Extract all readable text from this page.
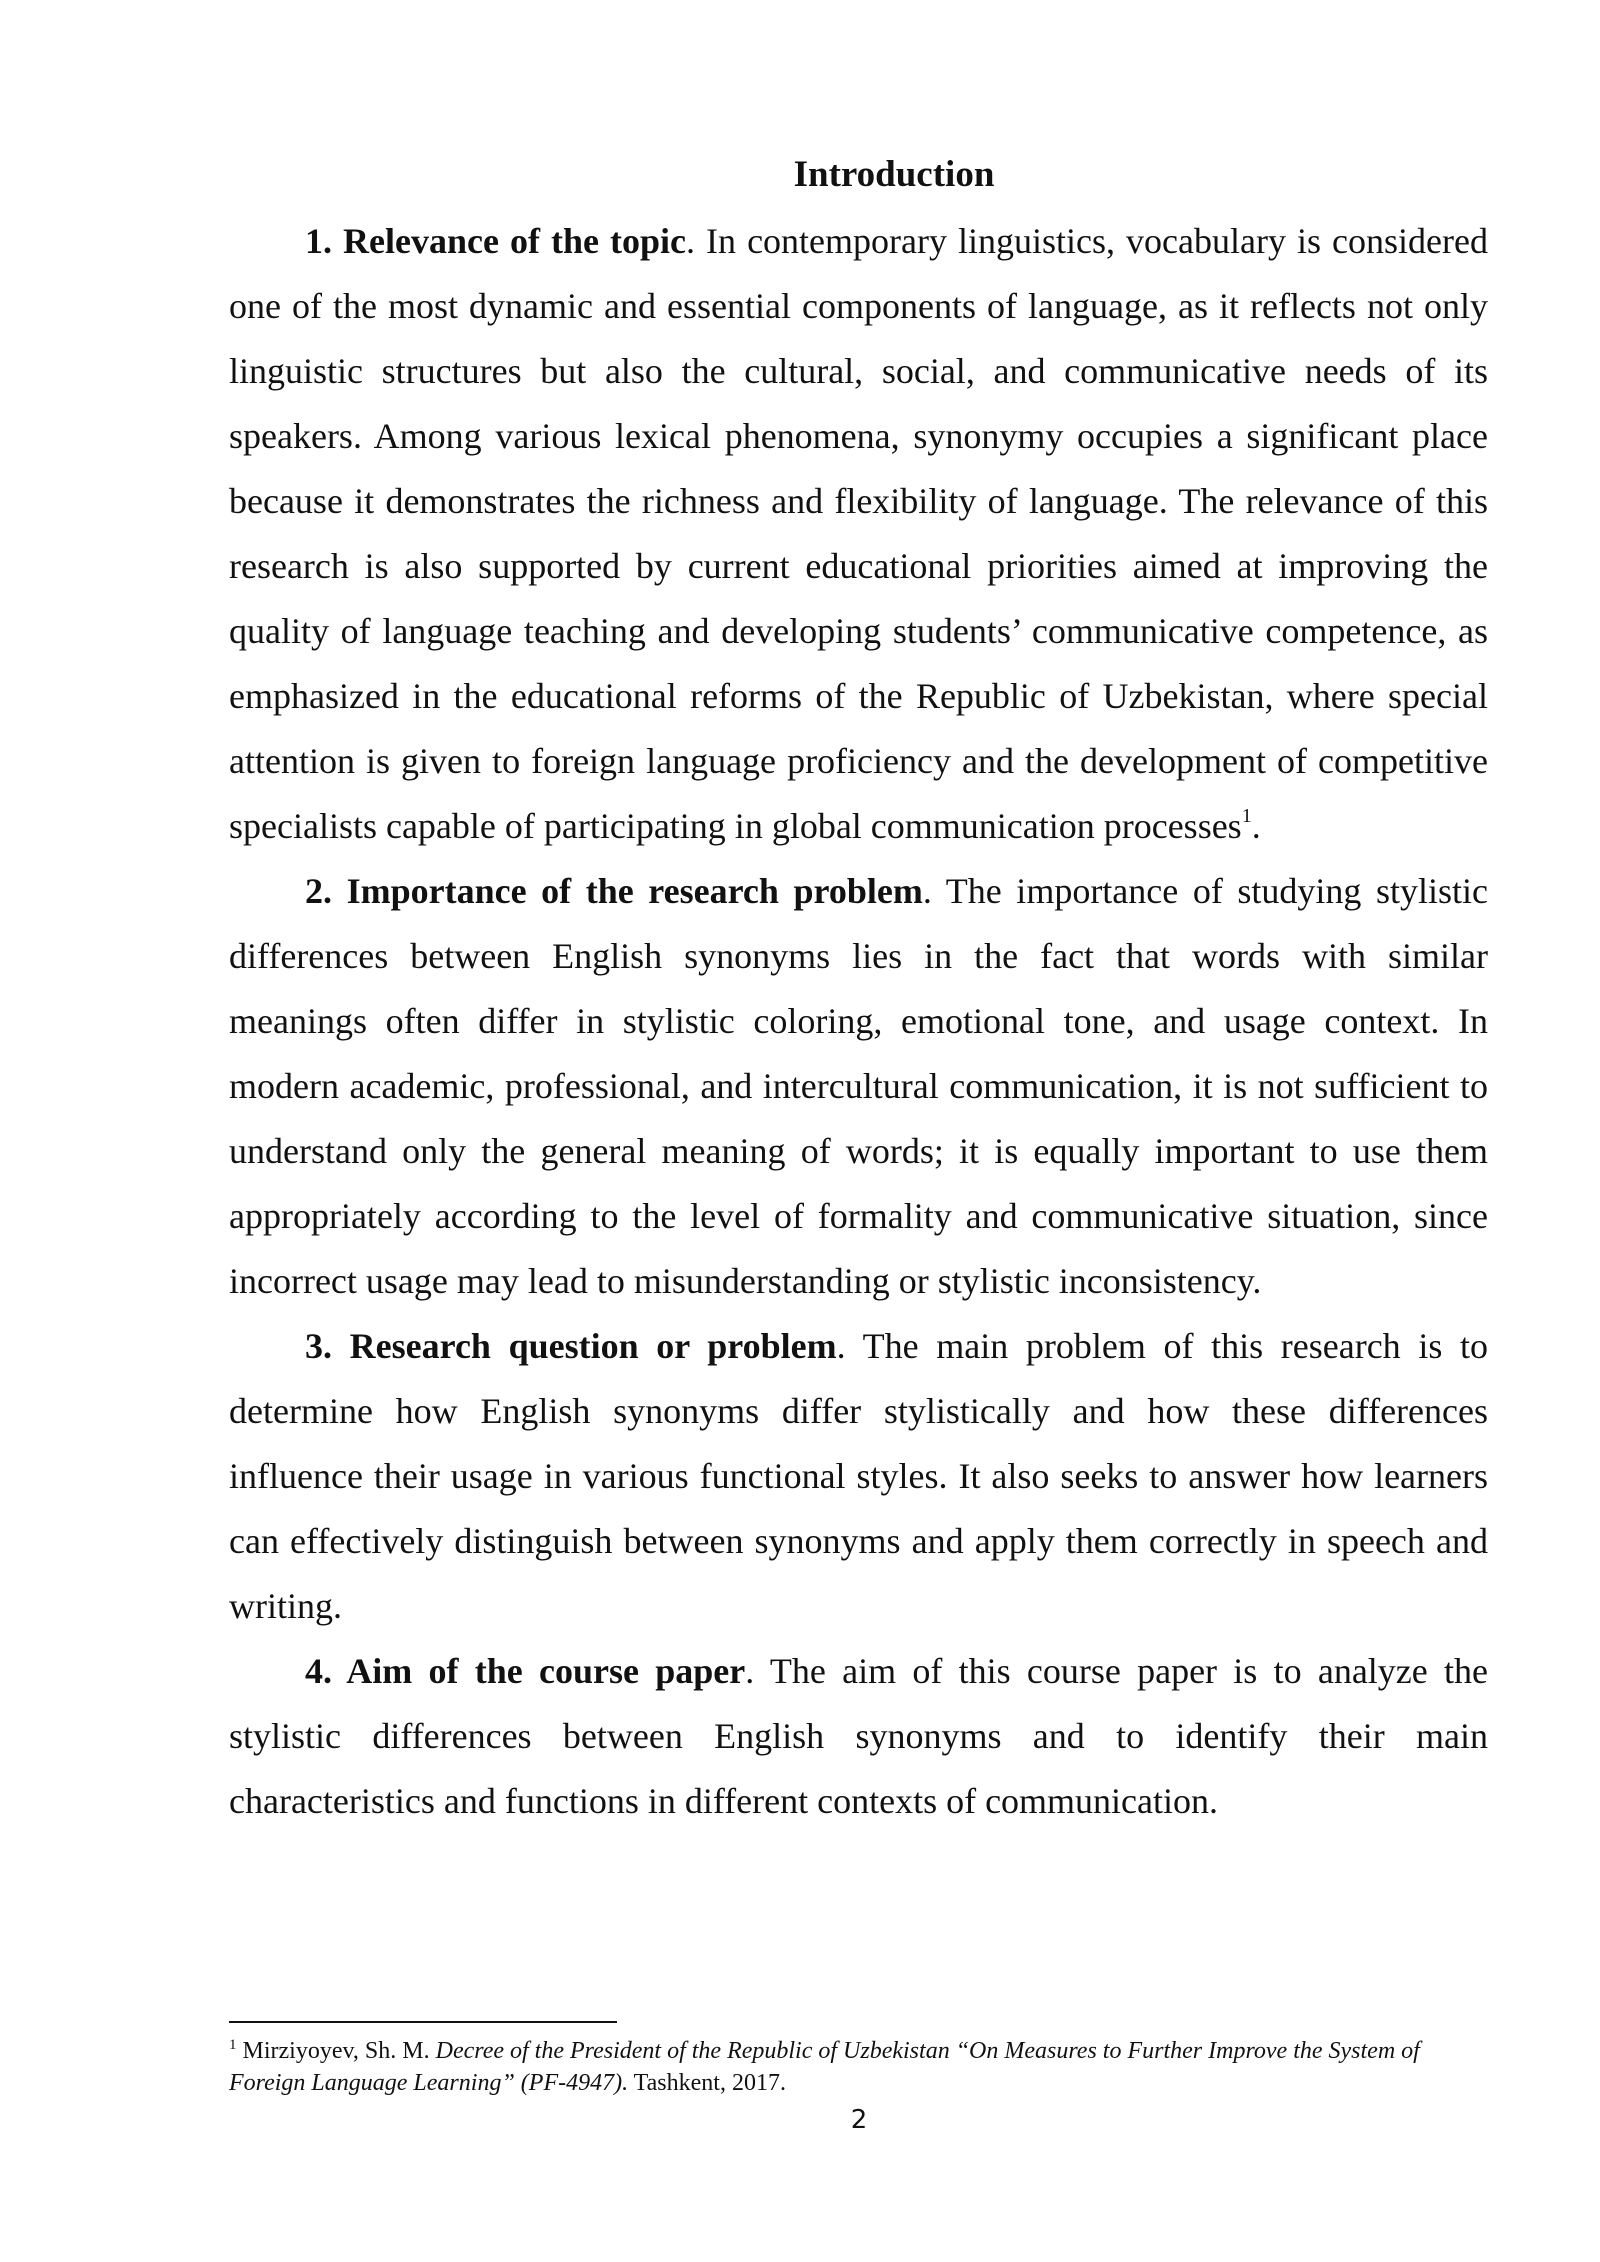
Introduction

1. Relevance of the topic. In contemporary linguistics, vocabulary is considered one of the most dynamic and essential components of language, as it reflects not only linguistic structures but also the cultural, social, and communicative needs of its speakers. Among various lexical phenomena, synonymy occupies a significant place because it demonstrates the richness and flexibility of language. The relevance of this research is also supported by current educational priorities aimed at improving the quality of language teaching and developing students’ communicative competence, as emphasized in the educational reforms of the Republic of Uzbekistan, where special attention is given to foreign language proficiency and the development of competitive specialists capable of participating in global communication processes$^1$.

2. Importance of the research problem. The importance of studying stylistic differences between English synonyms lies in the fact that words with similar meanings often differ in stylistic coloring, emotional tone, and usage context. In modern academic, professional, and intercultural communication, it is not sufficient to understand only the general meaning of words; it is equally important to use them appropriately according to the level of formality and communicative situation, since incorrect usage may lead to misunderstanding or stylistic inconsistency.

3. Research question or problem. The main problem of this research is to determine how English synonyms differ stylistically and how these differences influence their usage in various functional styles. It also seeks to answer how learners can effectively distinguish between synonyms and apply them correctly in speech and writing.

4. Aim of the course paper. The aim of this course paper is to analyze the stylistic differences between English synonyms and to identify their main characteristics and functions in different contexts of communication.

$^1$ Mirziyoyev, Sh. M. Decree of the President of the Republic of Uzbekistan “On Measures to Further Improve the System of Foreign Language Learning” (PF-4947). Tashkent, 2017.

2
